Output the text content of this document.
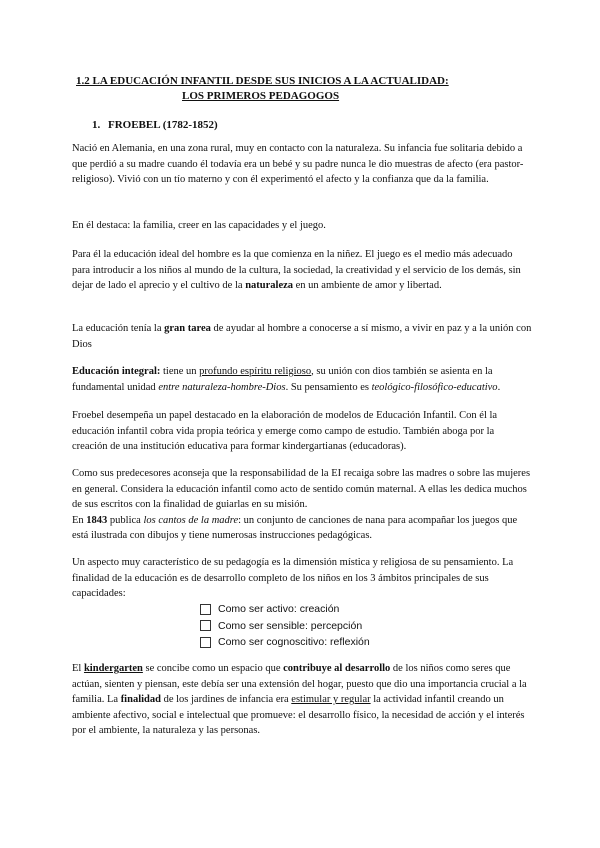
1.2 LA EDUCACIÓN INFANTIL DESDE SUS INICIOS A LA ACTUALIDAD:
LOS PRIMEROS PEDAGOGOS
1. FROEBEL (1782-1852)

Nació en Alemania, en una zona rural, muy en contacto con la naturaleza. Su infancia fue solitaria debido a que perdió a su madre cuando él todavía era un bebé y su padre nunca le dio muestras de afecto (era pastor-religioso). Vivió con un tío materno y con él experimentó el afecto y la confianza que da la familia.

En él destaca: la familia, creer en las capacidades y el juego.

Para él la educación ideal del hombre es la que comienza en la niñez. El juego es el medio más adecuado para introducir a los niños al mundo de la cultura, la sociedad, la creatividad y el servicio de los demás, sin dejar de lado el aprecio y el cultivo de la naturaleza en un ambiente de amor y libertad.

La educación tenía la gran tarea de ayudar al hombre a conocerse a sí mismo, a vivir en paz y a la unión con Dios

Educación integral: tiene un profundo espíritu religioso, su unión con dios también se asienta en la fundamental unidad entre naturaleza-hombre-Dios. Su pensamiento es teológico-filosófico-educativo.

Froebel desempeña un papel destacado en la elaboración de modelos de Educación Infantil. Con él la educación infantil cobra vida propia teórica y emerge como campo de estudio. También aboga por la creación de una institución educativa para formar kindergartianas (educadoras).

Como sus predecesores aconseja que la responsabilidad de la EI recaiga sobre las madres o sobre las mujeres en general. Considera la educación infantil como acto de sentido común maternal. A ellas les dedica muchos de sus escritos con la finalidad de guiarlas en su misión.
En 1843 publica los cantos de la madre: un conjunto de canciones de nana para acompañar los juegos que está ilustrada con dibujos y tiene numerosas instrucciones pedagógicas.

Un aspecto muy característico de su pedagogía es la dimensión mística y religiosa de su pensamiento. La finalidad de la educación es de desarrollo completo de los niños en los 3 ámbitos principales de sus capacidades:

Como ser activo: creación
Como ser sensible: percepción
Como ser cognoscitivo: reflexión

El kindergarten se concibe como un espacio que contribuye al desarrollo de los niños como seres que actúan, sienten y piensan, este debía ser una extensión del hogar, puesto que dio una importancia crucial a la familia. La finalidad de los jardines de infancia era estimular y regular la actividad infantil creando un ambiente afectivo, social e intelectual que promueve: el desarrollo físico, la necesidad de acción y el interés por el ambiente, la naturaleza y las personas.
